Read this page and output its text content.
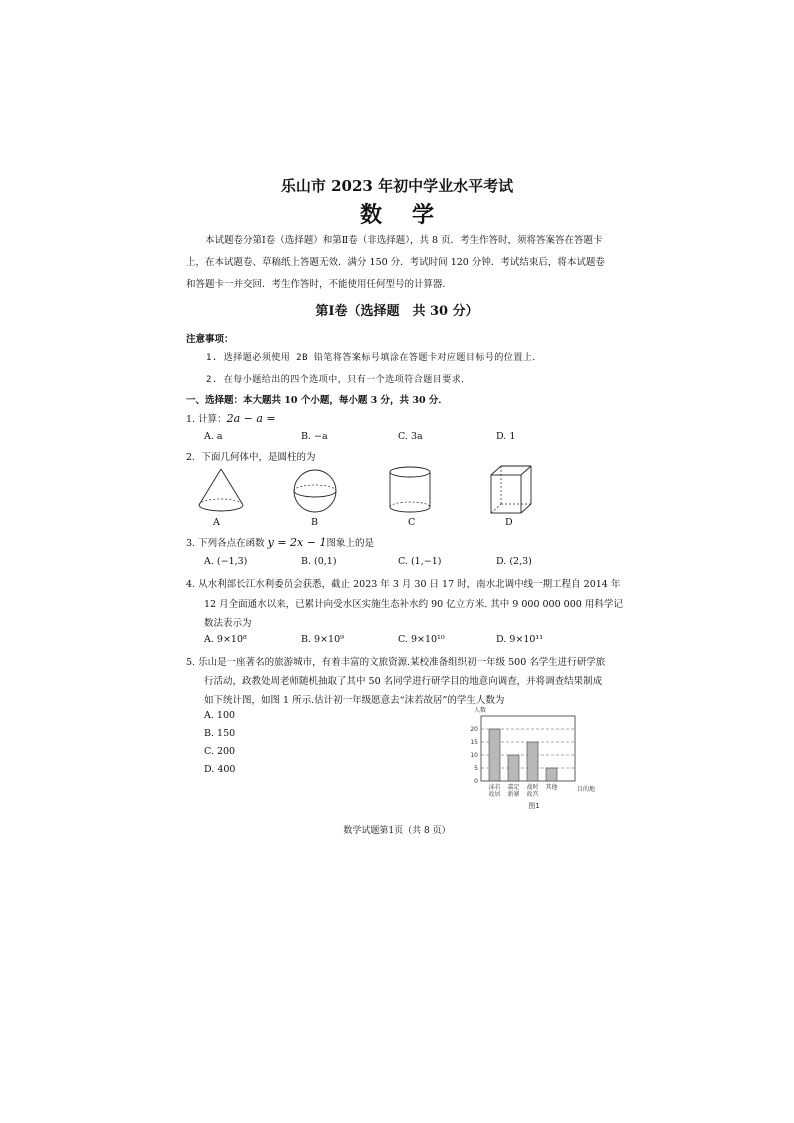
乐山市 2023 年初中学业水平考试
数学
本试题卷分第Ⅰ卷（选择题）和第Ⅱ卷（非选择题），共 8 页．考生作答时，须将答案答在答题卡上，在本试题卷、草稿纸上答题无效．满分 150 分．考试时间 120 分钟．考试结束后，将本试题卷和答题卡一并交回．考生作答时，不能使用任何型号的计算器．
第Ⅰ卷（选择题　共 30 分）
注意事项：
1. 选择题必须使用 2B 铅笔将答案标号填涂在答题卡对应题目标号的位置上．
2. 在每小题给出的四个选项中，只有一个选项符合题目要求．
一、选择题：本大题共 10 个小题，每小题 3 分，共 30 分．
1. 计算：2a − a =
A. a	B. −a	C. 3a	D. 1
2．下面几何体中，是圆柱的为
A	B	C	D
3. 下列各点在函数 y = 2x − 1图象上的是
A. (−1,3)	B. (0,1)	C. (1,−1)	D. (2,3)
4. 从水利部长江水利委员会获悉，截止 2023 年 3 月 30 日 17 时，南水北调中线一期工程自 2014 年
12 月全面通水以来，已累计向受水区实施生态补水约 90 亿立方米. 其中 9 000 000 000 用科学记
数法表示为
A. 9×10⁸	B. 9×10⁹	C. 9×10¹⁰	D. 9×10¹¹
5. 乐山是一座著名的旅游城市，有着丰富的文旅资源.某校准备组织初一年级 500 名学生进行研学旅
行活动，政教处周老师随机抽取了其中 50 名同学进行研学目的地意向调查，并将调查结果制成
如下统计图，如图 1 所示.估计初一年级愿意去“沫若故居”的学生人数为
A. 100
B. 150
C. 200
D. 400
0
5
10
15
20
人数
沫若
故居
嘉定
新寨
战时
故宫
其他	目的地
图1
数学试题第1页（共 8 页）
